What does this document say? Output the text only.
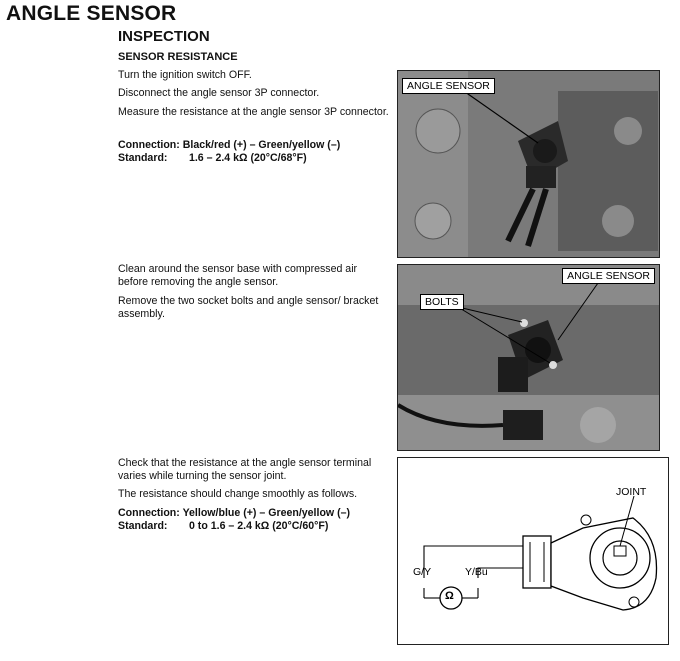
ANGLE SENSOR
INSPECTION
SENSOR RESISTANCE
Turn the ignition switch OFF.
Disconnect the angle sensor 3P connector.
Measure the resistance at the angle sensor 3P connector.
Connection: Black/red (+) – Green/yellow (–)
Standard: 1.6 – 2.4 kΩ (20°C/68°F)
ANGLE SENSOR
Clean around the sensor base with compressed air before removing the angle sensor.
Remove the two socket bolts and angle sensor/ bracket assembly.
ANGLE SENSOR
BOLTS
Check that the resistance at the angle sensor terminal varies while turning the sensor joint.
The resistance should change smoothly as follows.
Connection: Yellow/blue (+) – Green/yellow (–)
Standard: 0 to 1.6 – 2.4 kΩ (20°C/60°F)
JOINT
G/Y	Y/Bu
Ω
